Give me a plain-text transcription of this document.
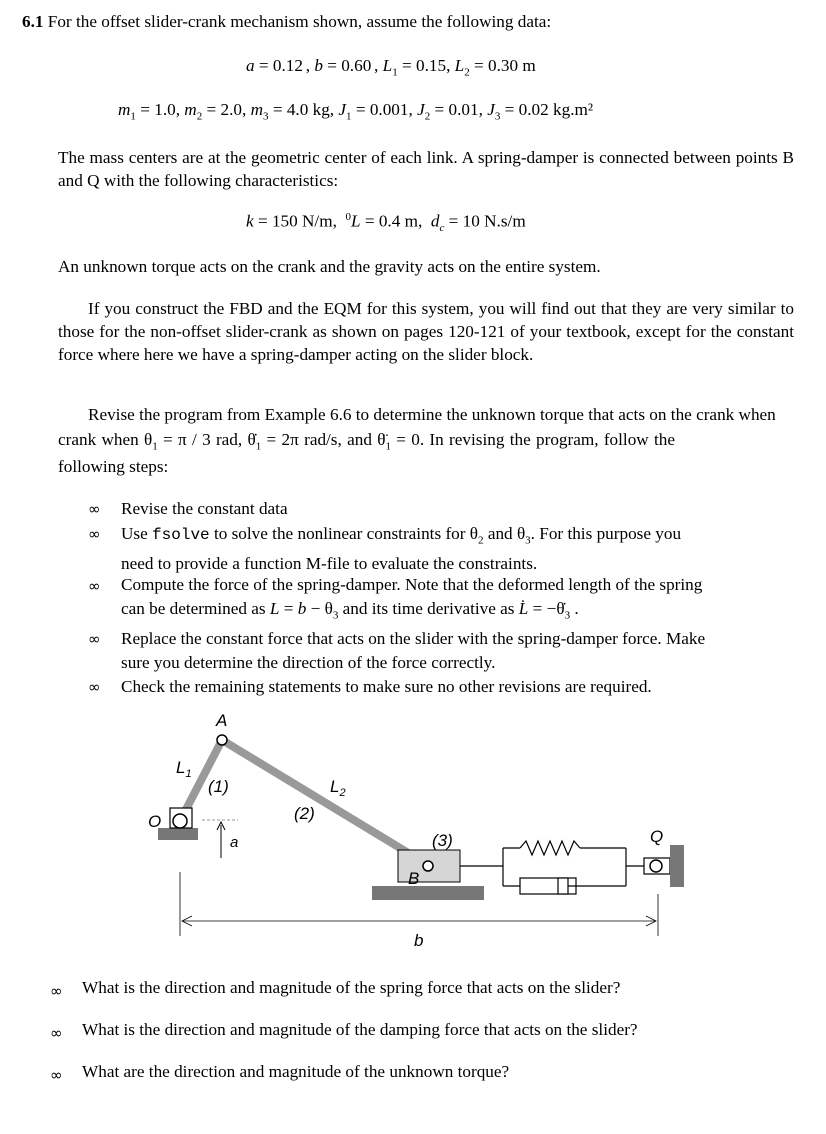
6.1 For the offset slider-crank mechanism shown, assume the following data:
a = 0.12 , b = 0.60 , $L_1 = 0.15$, $L_2 = 0.30$ m
$m_1 = 1.0$, $m_2 = 2.0$, $m_3 = 4.0$ kg, $J_1 = 0.001$, $J_2 = 0.01$, $J_3 = 0.02$ kg.m²
The mass centers are at the geometric center of each link. A spring-damper is connected between points B and Q with the following characteristics:
k = 150 N/m,  $^0$L = 0.4 m,  $d_c = 10$ N.s/m
An unknown torque acts on the crank and the gravity acts on the entire system.
If you construct the FBD and the EQM for this system, you will find out that they are very similar to those for the non-offset slider-crank as shown on pages 120-121 of your textbook, except for the constant force where here we have a spring-damper acting on the slider block.
Revise the program from Example 6.6 to determine the unknown torque that acts on the crank when
crank when $\theta_1 = \pi / 3$ rad, $\thetȧ_1 = 2\pi$ rad/s, and $\thetä_1 = 0$. In revising the program, follow the
following steps:
∞ Revise the constant data
∞ Use fsolve to solve the nonlinear constraints for $\theta_2$ and $\theta_3$. For this purpose you
need to provide a function M-file to evaluate the constraints.
∞ Compute the force of the spring-damper. Note that the deformed length of the spring
can be determined as $L = b - \theta_3$ and its time derivative as L̇ = $-\thetȧ_3$ .
∞ Replace the constant force that acts on the slider with the spring-damper force. Make
sure you determine the direction of the force correctly.
∞ Check the remaining statements to make sure no other revisions are required.
A
O
$L_1$
$L_2$
(1)
(2)
(3)
a
B
Q
b
∞ What is the direction and magnitude of the spring force that acts on the slider?
∞ What is the direction and magnitude of the damping force that acts on the slider?
∞ What are the direction and magnitude of the unknown torque?
